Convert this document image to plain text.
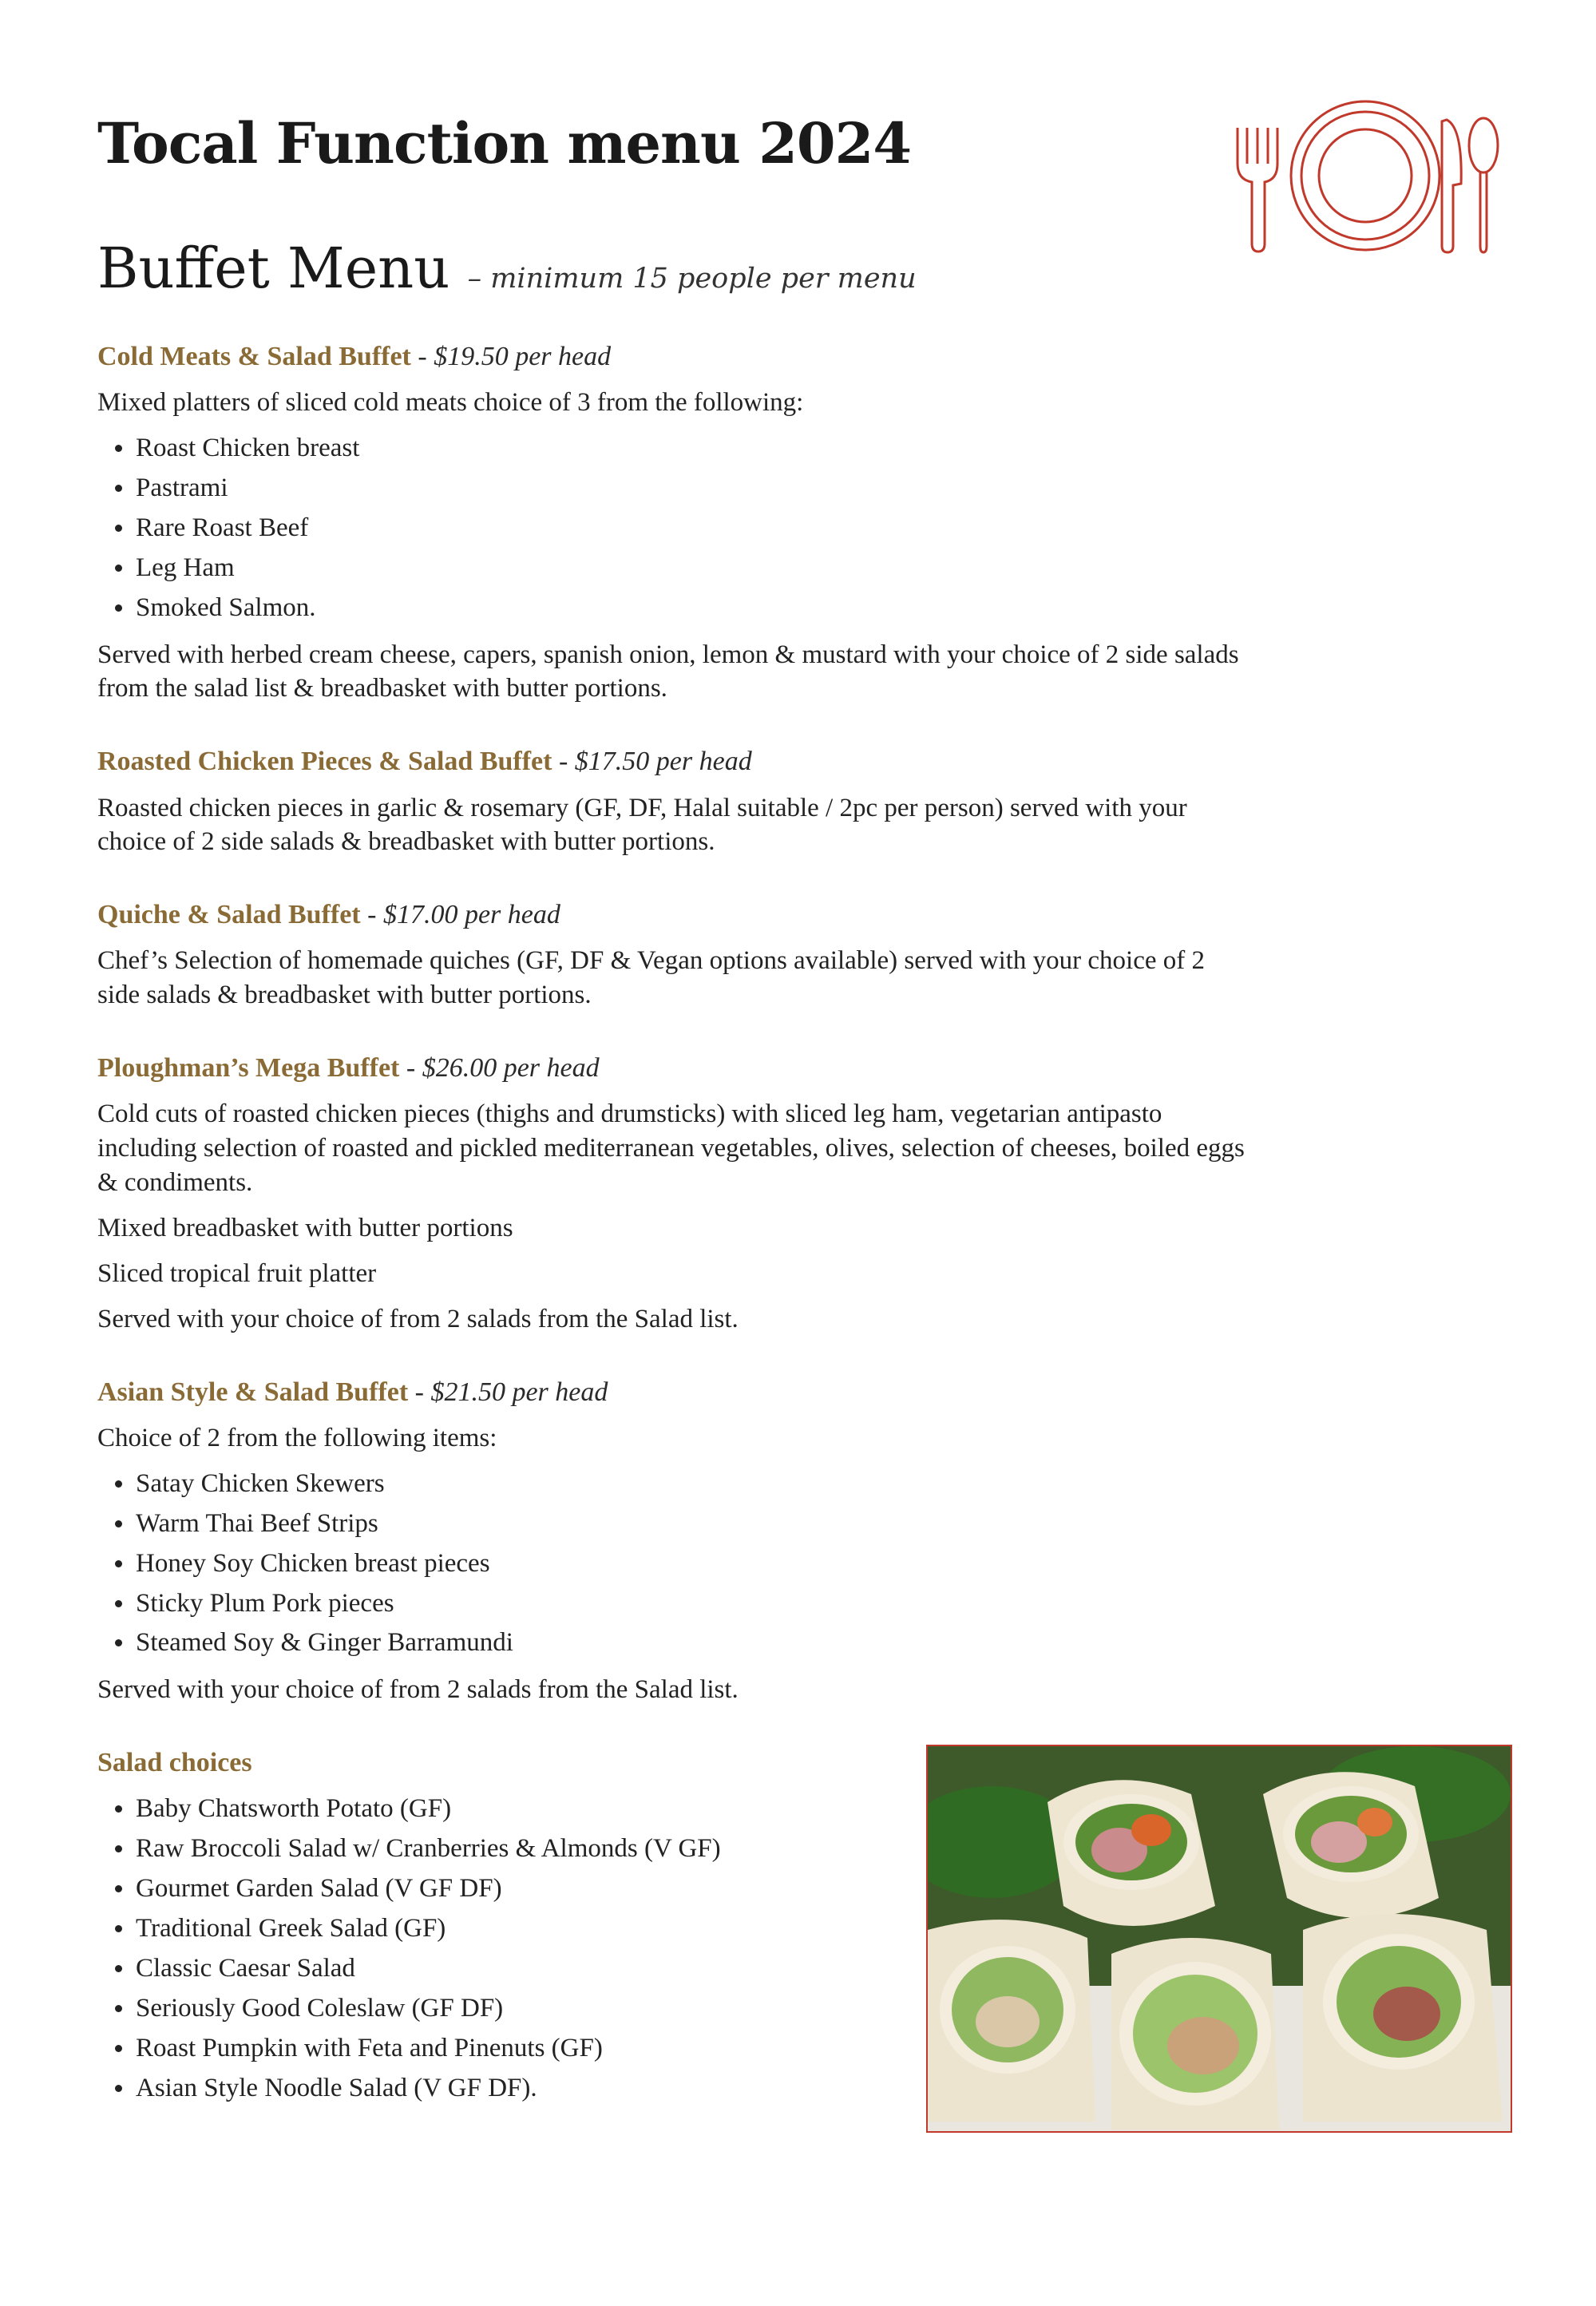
Tocal Function menu 2024
Buffet Menu – minimum 15 people per menu

Cold Meats & Salad Buffet - $19.50 per head

Mixed platters of sliced cold meats choice of 3 from the following:

Roast Chicken breast
Pastrami
Rare Roast Beef
Leg Ham
Smoked Salmon.

Served with herbed cream cheese, capers, spanish onion, lemon & mustard with your choice of 2 side salads from the salad list & breadbasket with butter portions.

Roasted Chicken Pieces & Salad Buffet - $17.50 per head

Roasted chicken pieces in garlic & rosemary (GF, DF, Halal suitable / 2pc per person) served with your choice of 2 side salads & breadbasket with butter portions.

Quiche & Salad Buffet - $17.00 per head

Chef’s Selection of homemade quiches (GF, DF & Vegan options available) served with your choice of 2 side salads & breadbasket with butter portions.

Ploughman’s Mega Buffet - $26.00 per head

Cold cuts of roasted chicken pieces (thighs and drumsticks) with sliced leg ham, vegetarian antipasto including selection of roasted and pickled mediterranean vegetables, olives, selection of cheeses, boiled eggs & condiments.

Mixed breadbasket with butter portions

Sliced tropical fruit platter

Served with your choice of from 2 salads from the Salad list.

Asian Style & Salad Buffet - $21.50 per head

Choice of 2 from the following items:

Satay Chicken Skewers
Warm Thai Beef Strips
Honey Soy Chicken breast pieces
Sticky Plum Pork pieces
Steamed Soy & Ginger Barramundi

Served with your choice of from 2 salads from the Salad list.

Salad choices

Baby Chatsworth Potato (GF)
Raw Broccoli Salad w/ Cranberries & Almonds (V GF)
Gourmet Garden Salad (V GF DF)
Traditional Greek Salad (GF)
Classic Caesar Salad
Seriously Good Coleslaw (GF DF)
Roast Pumpkin with Feta and Pinenuts (GF)
Asian Style Noodle Salad (V GF DF).
